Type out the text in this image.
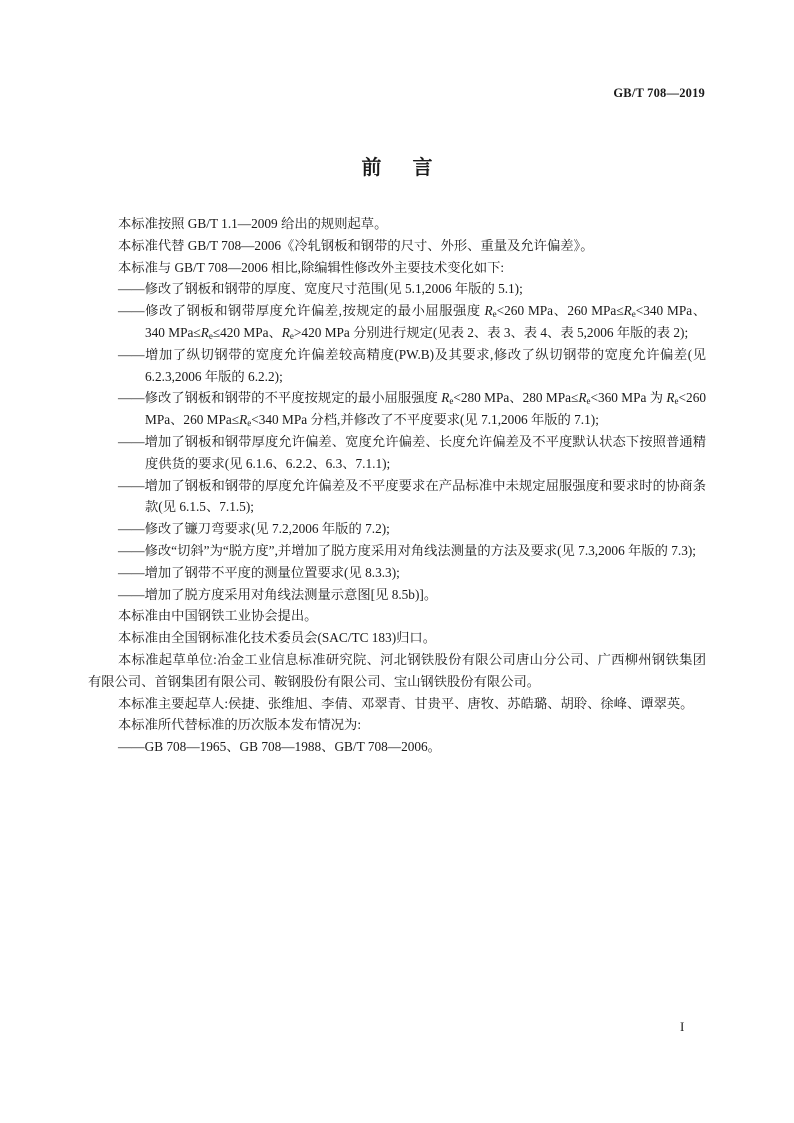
GB/T 708—2019
前 言

本标准按照 GB/T 1.1—2009 给出的规则起草。

本标准代替 GB/T 708—2006《冷轧钢板和钢带的尺寸、外形、重量及允许偏差》。

本标准与 GB/T 708—2006 相比,除编辑性修改外主要技术变化如下:

——修改了钢板和钢带的厚度、宽度尺寸范围(见 5.1,2006 年版的 5.1);

——修改了钢板和钢带厚度允许偏差,按规定的最小屈服强度 $R_e<260$ MPa、260 $MPa\le R_e<340$ MPa、340 $MPa\le R_e\le 420$ MPa、$R_e>420$ MPa 分别进行规定(见表 2、表 3、表 4、表 5,2006 年版的表 2);

——增加了纵切钢带的宽度允许偏差较高精度(PW.B)及其要求,修改了纵切钢带的宽度允许偏差(见 6.2.3,2006 年版的 6.2.2);

——修改了钢板和钢带的不平度按规定的最小屈服强度 $R_e<280$ MPa、280 $MPa\le R_e<360$ MPa 为 $R_e<260$ MPa、260 $MPa\le R_e<340$ MPa 分档,并修改了不平度要求(见 7.1,2006 年版的 7.1);

——增加了钢板和钢带厚度允许偏差、宽度允许偏差、长度允许偏差及不平度默认状态下按照普通精度供货的要求(见 6.1.6、6.2.2、6.3、7.1.1);

——增加了钢板和钢带的厚度允许偏差及不平度要求在产品标准中未规定屈服强度和要求时的协商条款(见 6.1.5、7.1.5);

——修改了镰刀弯要求(见 7.2,2006 年版的 7.2);

——修改“切斜”为“脱方度”,并增加了脱方度采用对角线法测量的方法及要求(见 7.3,2006 年版的 7.3);

——增加了钢带不平度的测量位置要求(见 8.3.3);

——增加了脱方度采用对角线法测量示意图[见 8.5b)]。

本标准由中国钢铁工业协会提出。

本标准由全国钢标准化技术委员会(SAC/TC 183)归口。

本标准起草单位:冶金工业信息标准研究院、河北钢铁股份有限公司唐山分公司、广西柳州钢铁集团有限公司、首钢集团有限公司、鞍钢股份有限公司、宝山钢铁股份有限公司。

本标准主要起草人:侯捷、张维旭、李倩、邓翠青、甘贵平、唐牧、苏皓璐、胡聆、徐峰、谭翠英。

本标准所代替标准的历次版本发布情况为:

——GB 708—1965、GB 708—1988、GB/T 708—2006。

I
